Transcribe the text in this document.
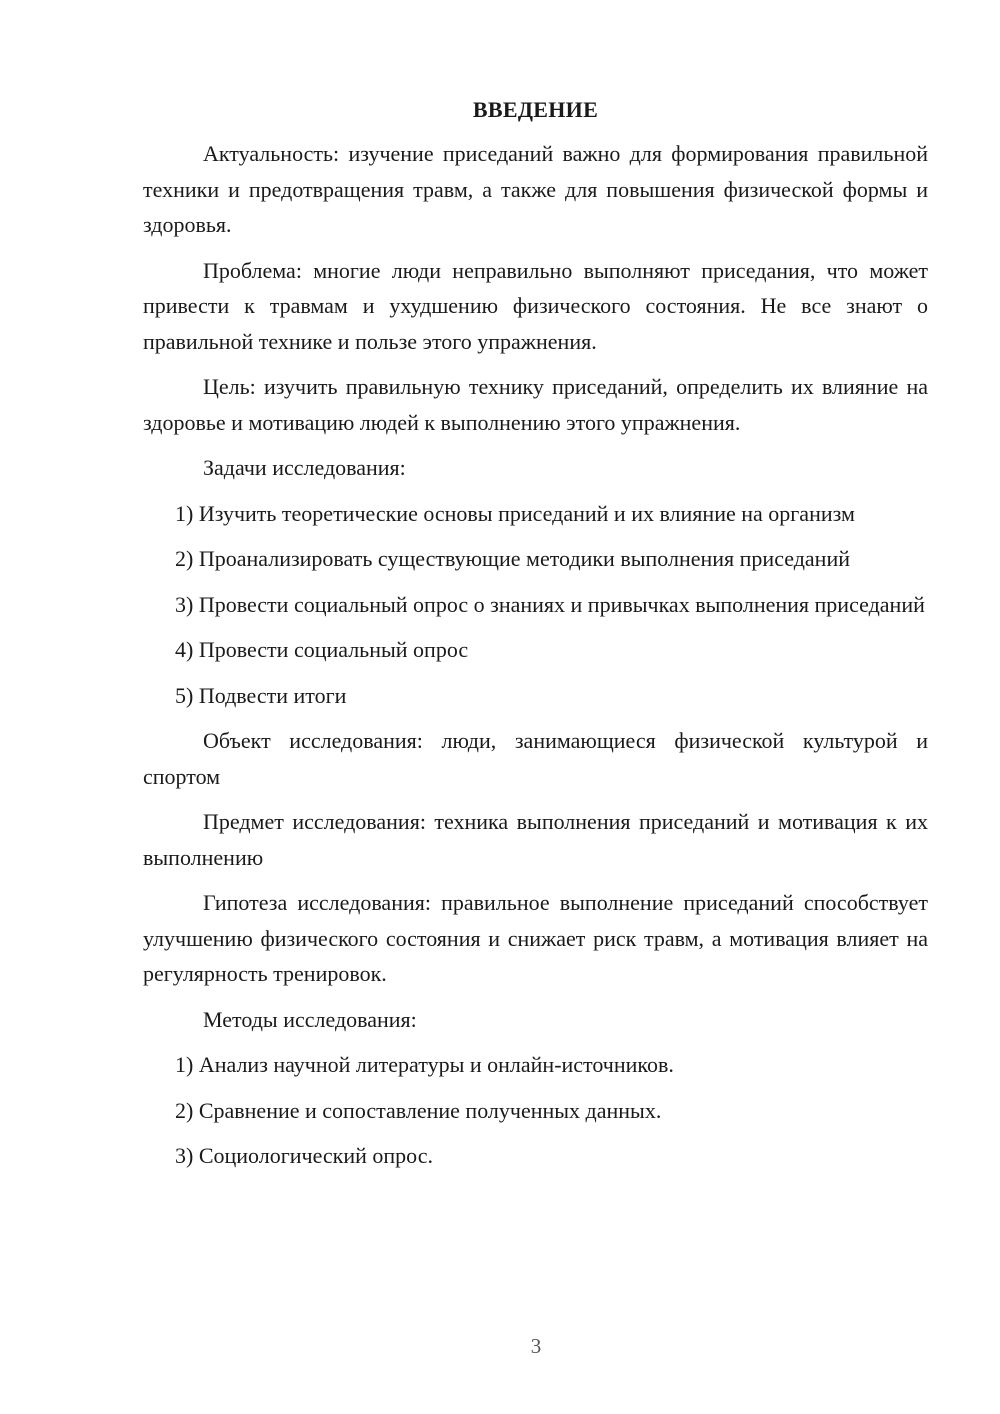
ВВЕДЕНИЕ

Актуальность: изучение приседаний важно для формирования правильной техники и предотвращения травм, а также для повышения физической формы и здоровья.

Проблема: многие люди неправильно выполняют приседания, что может привести к травмам и ухудшению физического состояния. Не все знают о правильной технике и пользе этого упражнения.

Цель: изучить правильную технику приседаний, определить их влияние на здоровье и мотивацию людей к выполнению этого упражнения.

Задачи исследования:

1) Изучить теоретические основы приседаний и их влияние на организм

2) Проанализировать существующие методики выполнения приседаний

3) Провести социальный опрос о знаниях и привычках выполнения приседаний

4) Провести социальный опрос

5) Подвести итоги

Объект исследования: люди, занимающиеся физической культурой и спортом

Предмет исследования: техника выполнения приседаний и мотивация к их выполнению

Гипотеза исследования: правильное выполнение приседаний способствует улучшению физического состояния и снижает риск травм, а мотивация влияет на регулярность тренировок.

Методы исследования:

1) Анализ научной литературы и онлайн-источников.

2) Сравнение и сопоставление полученных данных.

3) Социологический опрос.

3
